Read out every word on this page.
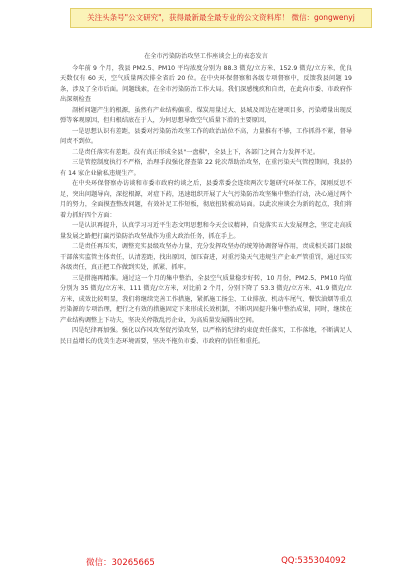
关注头条号"公文研究"，获得最新最全最专业的公文资料库！ 微信：gongwenyj
在全市污染防治攻坚工作座谈会上的表态发言

今年前 9 个月，我县 PM2.5、PM10 平均浓度分别为 88.3 微克/立方米、152.9 微克/立方米，优良天数仅有 60 天，空气质量两次排全省后 20 位。在中央环保督察和各级专项督察中，反馈我县问题 19 条，涉及了全市后面。问题线索，在全市污染防治工作大局。我们深感愧疚和自责，在此向市委、市政府作出深刻检查

剖析问题产生的根源，虽然有产业结构偏重、煤炭用量过大、县城及周边在建项目多，污染增量出现反弹等客观原因，但归根结底在于人，为何思想导致空气质量下滑的主要原因，

一是思想认识有差距，县委对污染防治攻坚工作的政治站位不高，力量推有不够，工作抓得不紧，督导问责不到位。

二是责任落实有差距。没有真正形成全县"一盘棋"，全县上下，各部门之间合力发挥不足。

三是管控制度执行不严格，治理手段强化督查第 22 轮次帮助治攻坚，在重污染天气管控期间，我县仍有 14 家企业偷私违规生产。

在中央环保督察办访谈和市委市政府约谈之后，县委常委会连续两次专题研究环保工作，深刚反思不足，突出问题导向，深挖根源，对症下药，迅速组织开展了大气污染防治攻坚集中整治行动，决心通过两个月的努力，全面摸查整改问题，有效补足工作短板，彻底扭转被动局面。以此次座谈会为新的起点，我们将着力抓好四个方面：

一是认识再提升，认真学习习近平生态文明思想和今天会议精神，自觉落实五大发展理念，坚定走高质量发展之路把打赢污染防治攻坚战作为重大政治任务，抓在手上。

二是责任再压实，调整充实县级攻坚办力量，充分发挥攻坚办的统筹协调督导作用，责成相关部门县级干部落实监管主体责任，认清差距，找出原因，加压奋进，对重污染天气违规生产企业严管重罚，通过压实各级责任，真正把工作做到实处，抓紧、抓牢。

三是措施再精准。通过这一个月的集中整治，全县空气质量稳步好转，10 月份，PM2.5、PM10 均值分别为 35 微克/立方米、111 微克/立方米，对比前 2 个月，分别下降了 53.3 微克/立方米、41.9 微克/立方米，成效比较明显，我们将继续完善工作措施，紧抓施工扬尘、工业排放、机动车尾气、餐饮油烟等重点污染源的专项治理，把行之有效的措施固定下来形成长效机制，不断巩固提升集中整治成果，同时，继续在产业结构调整上下功夫，坚决关停散乱污企业，为高质量发展腾出空间。

四是纪律再加强。强化以作风攻坚促污染攻坚，以严格的纪律约束促责任落实，工作落地，不断满足人民日益增长的优美生态环境需要，坚决不拖负市委、市政府的信任和重托。

微信：30265665	QQ:535304092
